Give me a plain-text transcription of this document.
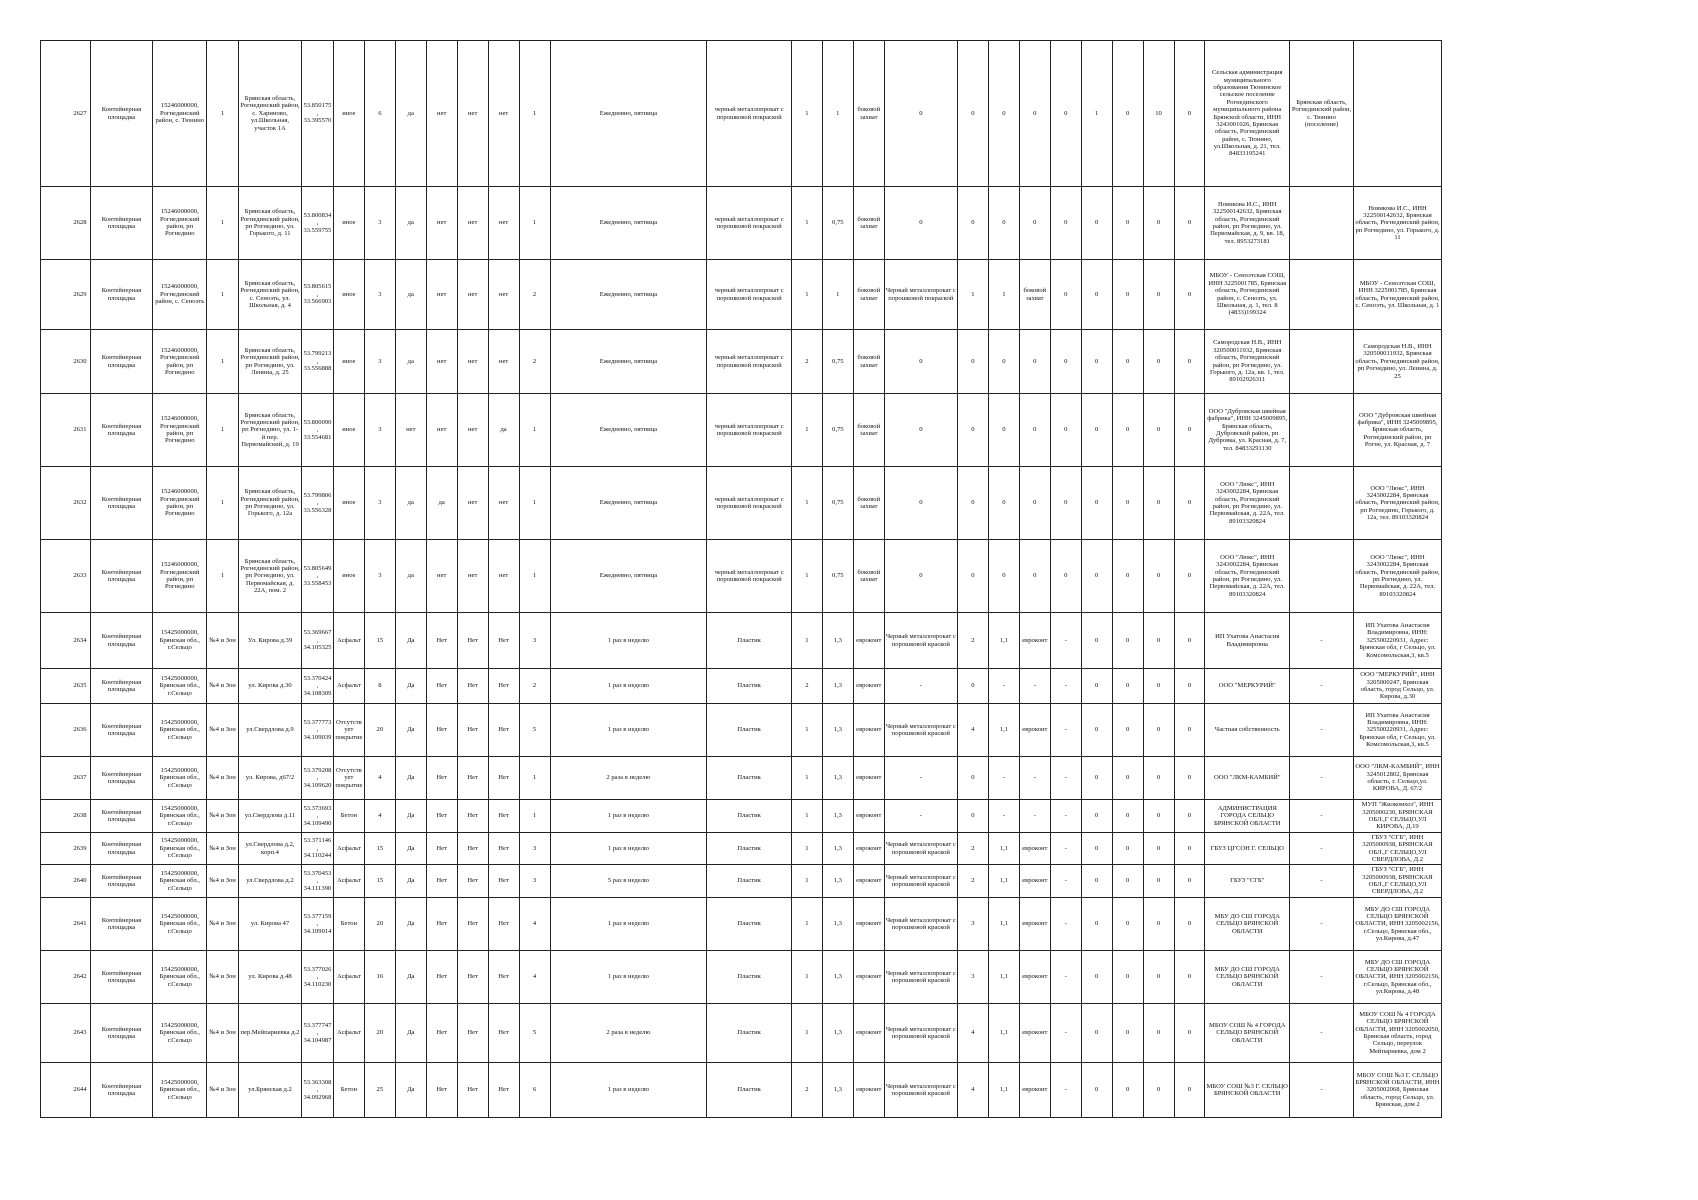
2627	Контейнерная площадка	15246000000, Рогнединский район, с. Тюнино	1	Брянская область, Рогнединский район, с. Хариново, ул.Школьная, участок 1А	53.850175, 33.395570	иное	6	да	нет	нет	нет	1	Ежедневно, пятница	черный металлопрокат с порошковой покраской	1	1	боковой захват	0	0	0	0	0	1	0	10	0	Сельская администрация муниципального образования Тюнинское сельское поселение Рогнединского муниципального района Брянской области, ИНН 3243001026, Брянская область, Рогнединский район, с. Тюнино, ул.Школьная, д. 21, тел. 84833195241	Брянская область, Рогнединский район, с. Тюнино (поселение)	
2628	Контейнерная площадка	15246000000, Рогнединский район, рп Рогнедино	1	Брянская область, Рогнединский район, рп Рогнедино, ул. Горького, д. 11	53.800834, 33.559755	иное	3	да	нет	нет	нет	1	Ежедневно, пятница	черный металлопрокат с порошковой покраской	1	0,75	боковой захват	0	0	0	0	0	0	0	0	0	Новикова И.С., ИНН 322500142632, Брянская область, Рогнединский район, рп Рогнедино, ул. Первомайская, д. 9, кв. 18, тел. 8953273181		Новикова И.С., ИНН 322500142632, Брянская область, Рогнединский район, рп Рогнедино, ул. Горького, д. 11
2629	Контейнерная площадка	15246000000, Рогнединский район, с. Сеноэть	1	Брянская область, Рогнединский район, с. Сеноэть, ул. Школьная, д. 4	53.805615, 33.566903	иное	3	да	нет	нет	нет	2	Ежедневно, пятница	черный металлопрокат с порошковой покраской	1	1	боковой захват	Черный металлопрокат с порошковой покраской	1	1	боковой захват	0	0	0	0	0	МБОУ - Сеноэтская СОШ, ИНН 3225001785, Брянская область, Рогнединский район, с. Сеноэть, ул. Школьная, д. 1, тел. 8 (4833)199324		МБОУ - Сеноэтская СОШ, ИНН 3225001785, Брянская область, Рогнединский район, с. Сеноэть, ул. Школьная, д. 1
2630	Контейнерная площадка	15246000000, Рогнединский район, рп Рогнедино	1	Брянская область, Рогнединский район, рп Рогнедино, ул. Ленина, д. 25	53.799213, 33.556888	иное	3	да	нет	нет	нет	2	Ежедневно, пятница	черный металлопрокат с порошковой покраской	2	0,75	боковой захват	0	0	0	0	0	0	0	0	0	Самородская Н.В., ИНН 320500011932, Брянская область, Рогнединский район, рп Рогнедино, ул. Горького, д. 12а, кв. 1, тел. 89102926311		Самородская Н.В., ИНН 320500011932, Брянская область, Рогнединский район, рп Рогнедино, ул. Ленина, д. 25
2631	Контейнерная площадка	15246000000, Рогнединский район, рп Рогнедино	1	Брянская область, Рогнединский район, рп Рогнедино, ул. 1-й пер. Первомайский, д. 19	53.800090, 33.554681	иное	3	нет	нет	нет	да	1	Ежедневно, пятница	черный металлопрокат с порошковой покраской	1	0,75	боковой захват	0	0	0	0	0	0	0	0	0	ООО "Дубровская швейная фабрика", ИНН 3245009895, Брянская область, Дубровский район, рп Дубровка, ул. Красная, д. 7, тел. 84833291130		ООО "Дубровская швейная фабрика", ИНН 3245009895, Брянская область, Рогнединский район, рп Рогне, ул. Красная, д. 7
2632	Контейнерная площадка	15246000000, Рогнединский район, рп Рогнедино	1	Брянская область, Рогнединский район, рп Рогнедино, ул. Горького, д. 12а	53.799806, 33.556328	иное	3	да	да	нет	нет	1	Ежедневно, пятница	черный металлопрокат с порошковой покраской	1	0,75	боковой захват	0	0	0	0	0	0	0	0	0	ООО "Люкс", ИНН 3243002284, Брянская область, Рогнединский район, рп Рогнедино, ул. Первомайская, д. 22А, тел. 89103320824		ООО "Люкс", ИНН 3243002284, Брянская область, Рогнединский район, рп Рогнедино, Горького, д. 12а, тел. 89103320824
2633	Контейнерная площадка	15246000000, Рогнединский район, рп Рогнедино	1	Брянская область, Рогнединский район, рп Рогнедино, ул. Первомайская, д. 22А, пом. 2	53.805649, 33.558453	иное	3	да	нет	нет	нет	1	Ежедневно, пятница	черный металлопрокат с порошковой покраской	1	0,75	боковой захват	0	0	0	0	0	0	0	0	0	ООО "Люкс", ИНН 3243002284, Брянская область, Рогнединский район, рп Рогнедино, ул. Первомайская, д. 22А, тел. 89103320824		ООО "Люкс", ИНН 3243002284, Брянская область, Рогнединский район, рп Рогнедино, ул. Первомайская, д. 22А, тел. 89103320824
2634	Контейнерная площадка	15425000000, Брянская обл., г.Сельцо	№4 и Зон	Ул. Кирова д.39	53.369667, 34.105325	Асфальт	15	Да	Нет	Нет	Нет	3	1 раз в неделю	Пластик	1	1,3	евроконт	Черный металлопрокат с порошковой краской	2	1,1	евроконт	-	0	0	0	0	ИП Ухатова Анастасия Владимировна	-	ИП Ухатова Анастасия Владимировна, ИНН: 325500220931, Адрес: Брянская обл, г Сельцо, ул. Комсомольская,3, кв.5
2635	Контейнерная площадка	15425000000, Брянская обл., г.Сельцо	№4 и Зон	ул. Кирова д.30	53.370424, 34.108309	Асфальт	8	Да	Нет	Нет	Нет	2	1 раз в неделю	Пластик	2	1,3	евроконт	-	0	-	-	-	0	0	0	0	ООО "МЕРКУРИЙ"	-	ООО "МЕРКУРИЙ", ИНН 3205000247, Брянская область, город Сельцо, ул. Кирова, д.30
2636	Контейнерная площадка	15425000000, Брянская обл., г.Сельцо	№4 и Зон	ул.Свердлова д.9	53.377773, 34.109039	Отсутствует покрытие	20	Да	Нет	Нет	Нет	5	1 раз в неделю	Пластик	1	1,3	евроконт	Черный металлопрокат с порошковой краской	4	1,1	евроконт	-	0	0	0	0	Частная собственность	-	ИП Ухатова Анастасия Владимировна, ИНН: 325500220931, Адрес: Брянская обл, г Сельцо, ул. Комсомольская,3, кв.5
2637	Контейнерная площадка	15425000000, Брянская обл., г.Сельцо	№4 и Зон	ул. Кирова, д67/2	53.379208, 34.109620	Отсутствует покрытие	4	Да	Нет	Нет	Нет	1	2 раза в неделю	Пластик	1	1,3	евроконт	-	0	-	-	-	0	0	0	0	ООО "ЛКМ-КАМБИЙ"	-	ООО "ЛКМ-КАМБИЙ", ИНН 3245012802, Брянская область, г. Сельцо,ул. КИРОВА, Д. 67/2
2638	Контейнерная площадка	15425000000, Брянская обл., г.Сельцо	№4 и Зон	ул.Свердлова д.11	53.373693, 34.109490	Бетон	4	Да	Нет	Нет	Нет	1	1 раз в неделю	Пластик	1	1,3	евроконт	-	0	-	-	-	0	0	0	0	АДМИНИСТРАЦИЯ ГОРОДА СЕЛЬЦО БРЯНСКОЙ ОБЛАСТИ	-	МУП "Жилкомхоз", ИНН 3205000230, БРЯНСКАЯ ОБЛ.,Г СЕЛЬЦО,УЛ КИРОВА, Д.19
2639	Контейнерная площадка	15425000000, Брянская обл., г.Сельцо	№4 и Зон	ул.Свердлова д.2, корп.4	53.371146, 34.110244	Асфальт	15	Да	Нет	Нет	Нет	3	1 раз в неделю	Пластик	1	1,3	евроконт	Черный металлопрокат с порошковой краской	2	1,1	евроконт	-	0	0	0	0	ГБУЗ ЦГСОН Г. СЕЛЬЦО	-	ГБУЗ "СГБ", ИНН 3205000938, БРЯНСКАЯ ОБЛ.,Г СЕЛЬЦО,УЛ СВЕРДЛОВА, Д.2
2640	Контейнерная площадка	15425000000, Брянская обл., г.Сельцо	№4 и Зон	ул.Свердлова д.2	53.370453, 34.111390	Асфальт	15	Да	Нет	Нет	Нет	3	5 раз в неделю	Пластик	1	1,3	евроконт	Черный металлопрокат с порошковой краской	2	1,1	евроконт	-	0	0	0	0	ГБУЗ "СГБ"	-	ГБУЗ "СГБ", ИНН 3205000938, БРЯНСКАЯ ОБЛ.,Г СЕЛЬЦО,УЛ СВЕРДЛОВА, Д.2
2641	Контейнерная площадка	15425000000, Брянская обл., г.Сельцо	№4 и Зон	ул. Кирова 47	53.377159, 34.109014	Бетон	20	Да	Нет	Нет	Нет	4	1 раз в неделю	Пластик	1	1,3	евроконт	Черный металлопрокат с порошковой краской	3	1,1	евроконт	-	0	0	0	0	МБУ ДО СШ ГОРОДА СЕЛЬЦО БРЯНСКОЙ ОБЛАСТИ	-	МБУ ДО СШ ГОРОДА СЕЛЬЦО БРЯНСКОЙ ОБЛАСТИ, ИНН 3205002156, г.Сельцо, Брянская обл., ул.Кирова, д.47
2642	Контейнерная площадка	15425000000, Брянская обл., г.Сельцо	№4 и Зон	ул. Кирова д.48	53.377026, 34.110230	Асфальт	16	Да	Нет	Нет	Нет	4	1 раз в неделю	Пластик	1	1,3	евроконт	Черный металлопрокат с порошковой краской	3	1,1	евроконт	-	0	0	0	0	МБУ ДО СШ ГОРОДА СЕЛЬЦО БРЯНСКОЙ ОБЛАСТИ	-	МБУ ДО СШ ГОРОДА СЕЛЬЦО БРЯНСКОЙ ОБЛАСТИ, ИНН 3205002156, г.Сельцо, Брянская обл., ул.Кирова, д.48
2643	Контейнерная площадка	15425000000, Брянская обл., г.Сельцо	№4 и Зон	пер.Мейпариевка д.2	53.377747, 34.104987	Асфальт	20	Да	Нет	Нет	Нет	5	2 раза в неделю	Пластик	1	1,3	евроконт	Черный металлопрокат с порошковой краской	4	1,1	евроконт	-	0	0	0	0	МБОУ СОШ № 4 ГОРОДА СЕЛЬЦО БРЯНСКОЙ ОБЛАСТИ	-	МБОУ СОШ № 4 ГОРОДА СЕЛЬЦО БРЯНСКОЙ ОБЛАСТИ, ИНН 3205002050, Брянская область, город Сельцо, переулок Мейпариевка, дом 2
2644	Контейнерная площадка	15425000000, Брянская обл., г.Сельцо	№4 и Зон	ул.Брянская д.2	53.363308, 34.092968	Бетон	25	Да	Нет	Нет	Нет	6	1 раз в неделю	Пластик	2	1,3	евроконт	Черный металлопрокат с порошковой краской	4	1,1	евроконт	-	0	0	0	0	МБОУ СОШ №3 Г. СЕЛЬЦО БРЯНСКОЙ ОБЛАСТИ	-	МБОУ СОШ №3 Г. СЕЛЬЦО БРЯНСКОЙ ОБЛАСТИ, ИНН 3205002068, Брянская область, город Сельцо, ул. Брянская, дом 2
